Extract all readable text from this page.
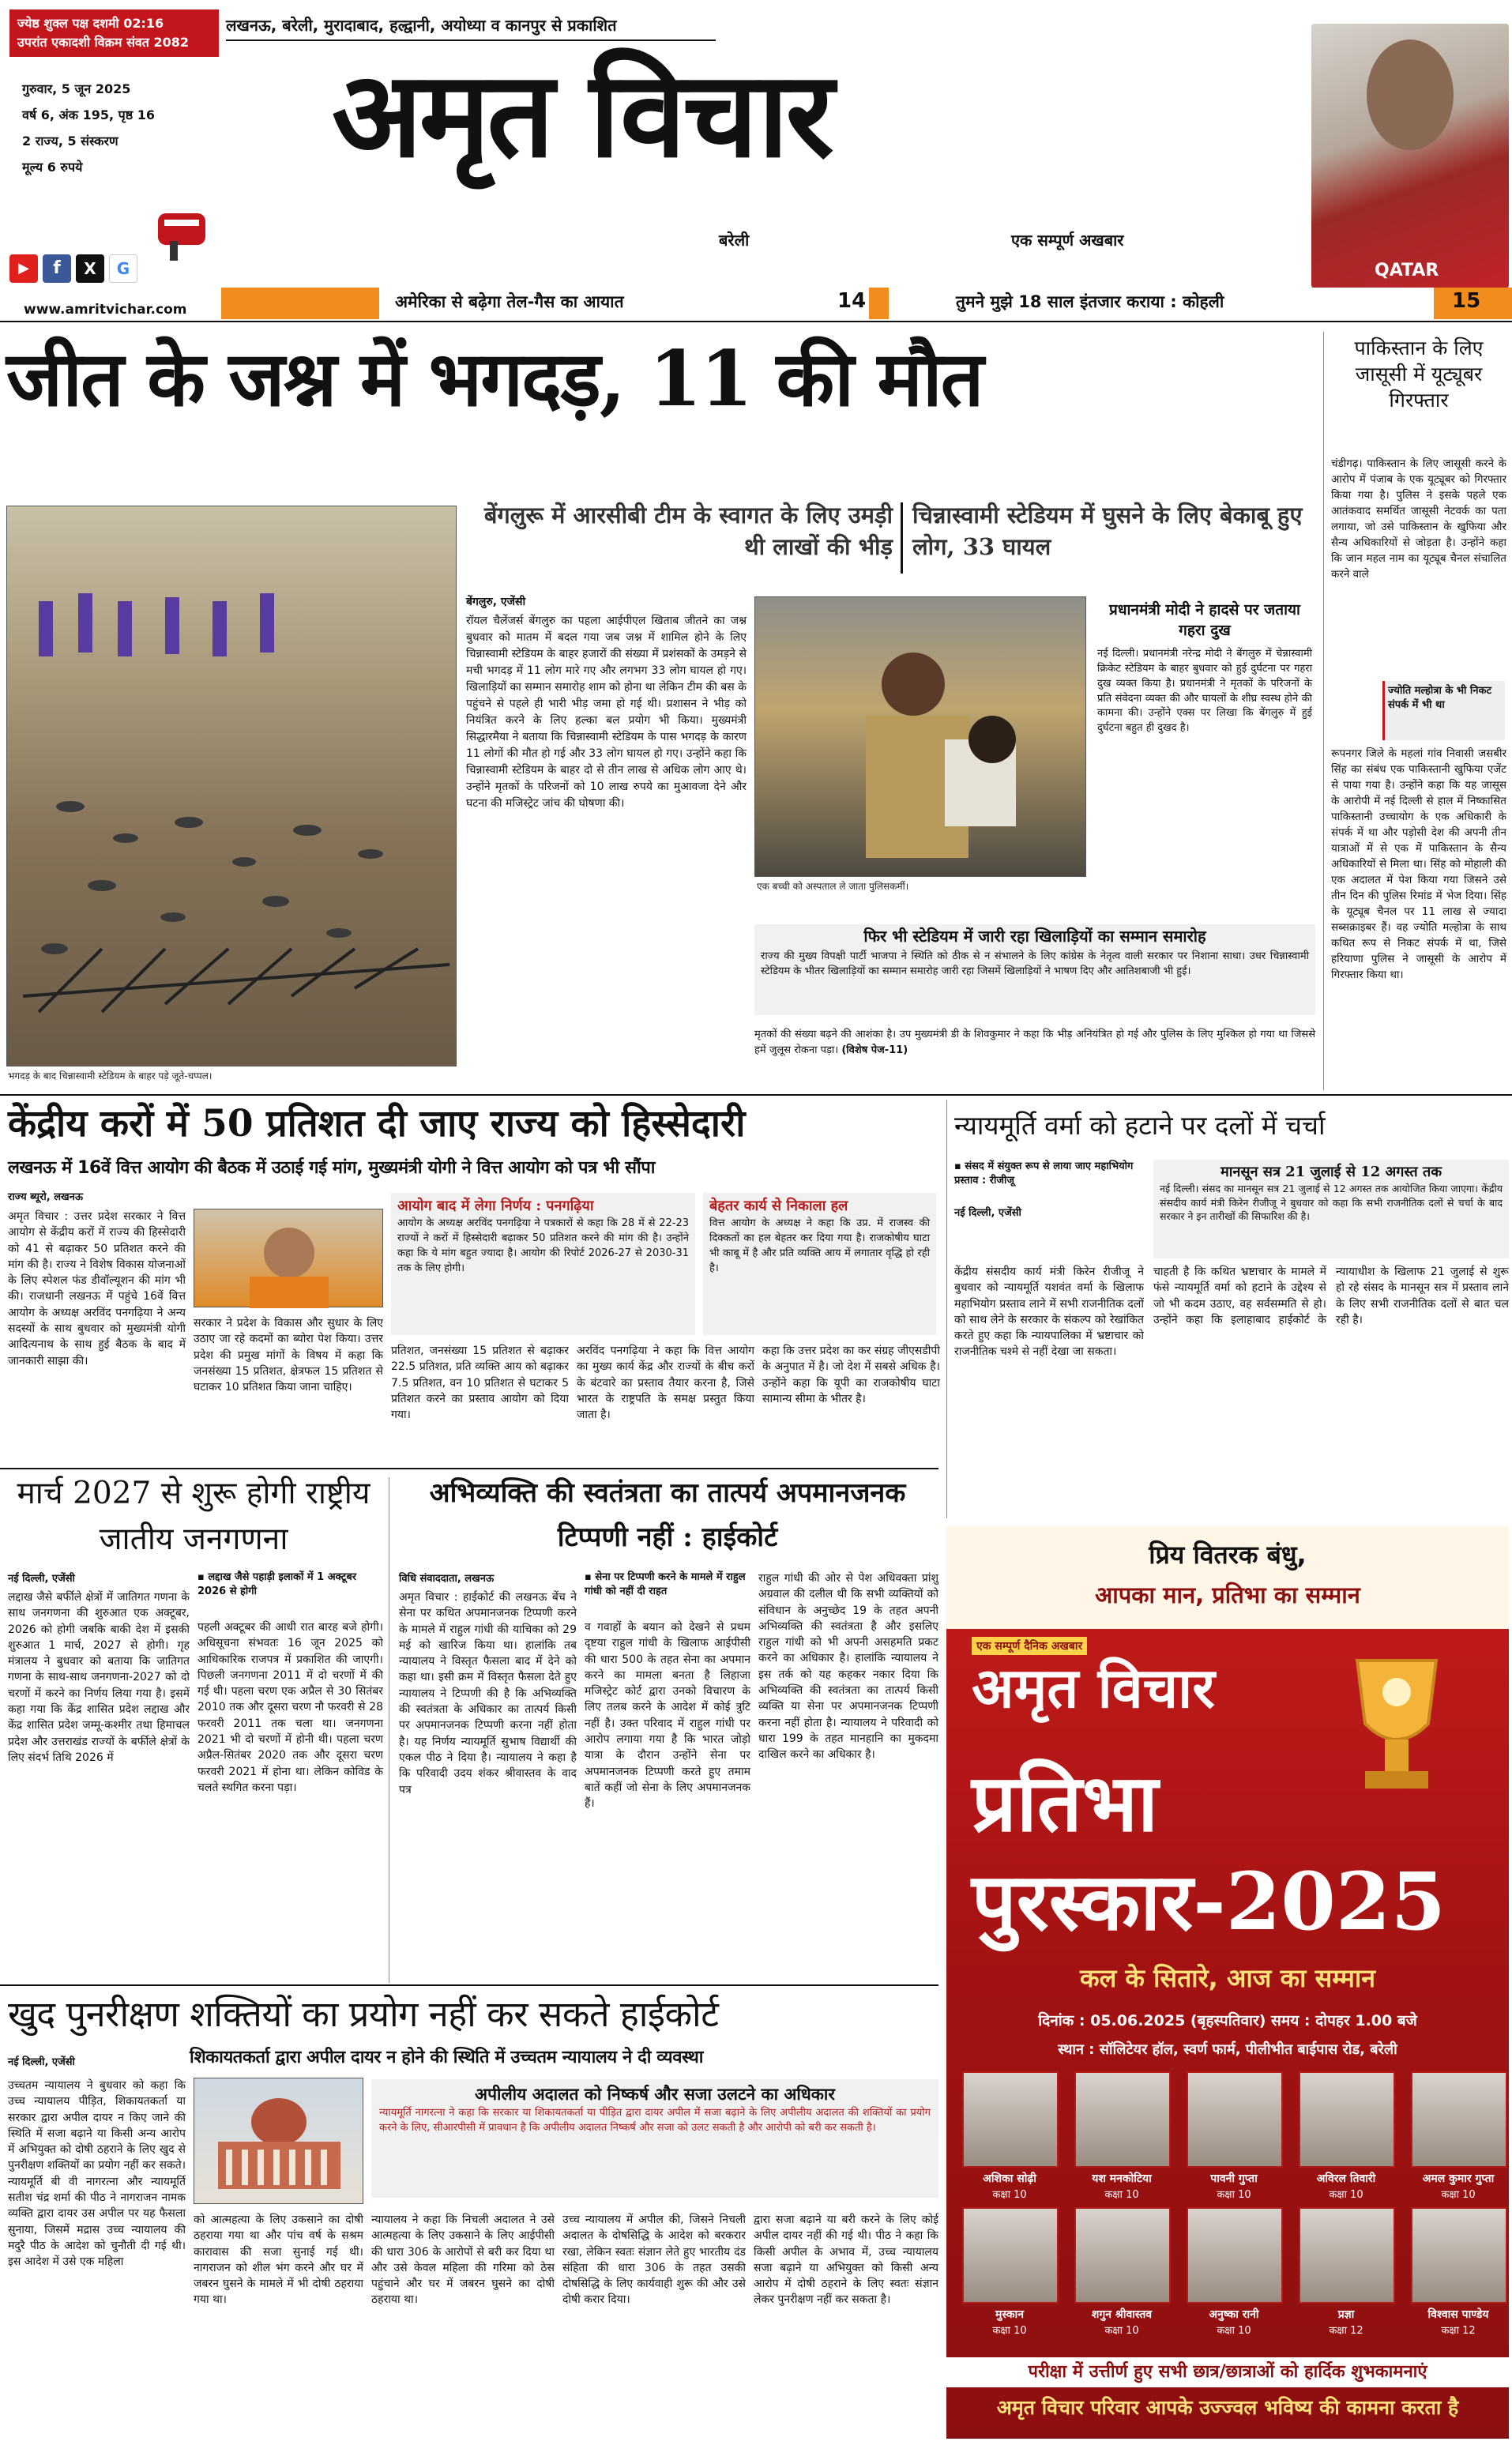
ज्येष्ठ शुक्ल पक्ष दशमी 02:16
उपरांत एकादशी विक्रम संवत 2082
लखनऊ, बरेली, मुरादाबाद, हल्द्वानी, अयोध्या व कानपुर से प्रकाशित
गुरुवार, 5 जून 2025
वर्ष 6, अंक 195, पृष्ठ 16
2 राज्य, 5 संस्करण
मूल्य 6 रुपये	अमृत विचार
बरेली	एक सम्पूर्ण अखबार
▶	f	X	G
www.amritvichar.com
QATAR
अमेरिका से बढ़ेगा तेल-गैस का आयात	14	तुमने मुझे 18 साल इंतजार कराया : कोहली	15
जीत के जश्न में भगदड़, 11 की मौत
बेंगलुरू में आरसीबी टीम के स्वागत के लिए उमड़ी थी लाखों की भीड़
चिन्नास्वामी स्टेडियम में घुसने के लिए बेकाबू हुए लोग, 33 घायल
भगदड़ के बाद चिन्नास्वामी स्टेडियम के बाहर पड़े जूते-चप्पल।
बेंगलुरु, एजेंसी
रॉयल चैलेंजर्स बेंगलुरु का पहला आईपीएल खिताब जीतने का जश्न बुधवार को मातम में बदल गया जब जश्न में शामिल होने के लिए चिन्नास्वामी स्टेडियम के बाहर हजारों की संख्या में प्रशंसकों के उमड़ने से मची भगदड़ में 11 लोग मारे गए और लगभग 33 लोग घायल हो गए। खिलाड़ियों का सम्मान समारोह शाम को होना था लेकिन टीम की बस के पहुंचने से पहले ही भारी भीड़ जमा हो गई थी। प्रशासन ने भीड़ को नियंत्रित करने के लिए हल्का बल प्रयोग भी किया। मुख्यमंत्री सिद्धारमैया ने बताया कि चिन्नास्वामी स्टेडियम के पास भगदड़ के कारण 11 लोगों की मौत हो गई और 33 लोग घायल हो गए। उन्होंने कहा कि चिन्नास्वामी स्टेडियम के बाहर दो से तीन लाख से अधिक लोग आए थे। उन्होंने मृतकों के परिजनों को 10 लाख रुपये का मुआवजा देने और घटना की मजिस्ट्रेट जांच की घोषणा की।
एक बच्ची को अस्पताल ले जाता पुलिसकर्मी।
प्रधानमंत्री मोदी ने हादसे पर जताया गहरा दुख
नई दिल्ली। प्रधानमंत्री नरेन्द्र मोदी ने बेंगलुरु में चेन्नास्वामी क्रिकेट स्टेडियम के बाहर बुधवार को हुई दुर्घटना पर गहरा दुख व्यक्त किया है। प्रधानमंत्री ने मृतकों के परिजनों के प्रति संवेदना व्यक्त की और घायलों के शीघ्र स्वस्थ होने की कामना की। उन्होंने एक्स पर लिखा कि बेंगलुरु में हुई दुर्घटना बहुत ही दुखद है।
फिर भी स्टेडियम में जारी रहा खिलाड़ियों का सम्मान समारोह
राज्य की मुख्य विपक्षी पार्टी भाजपा ने स्थिति को ठीक से न संभालने के लिए कांग्रेस के नेतृत्व वाली सरकार पर निशाना साधा। उधर चिन्नास्वामी स्टेडियम के भीतर खिलाड़ियों का सम्मान समारोह जारी रहा जिसमें खिलाड़ियों ने भाषण दिए और आतिशबाजी भी हुई।
मृतकों की संख्या बढ़ने की आशंका है। उप मुख्यमंत्री डी के शिवकुमार ने कहा कि भीड़ अनियंत्रित हो गई और पुलिस के लिए मुश्किल हो गया था जिससे हमें जुलूस रोकना पड़ा। (विशेष पेज-11)
पाकिस्तान के लिए जासूसी में यूट्यूबर गिरफ्तार
चंडीगढ़। पाकिस्तान के लिए जासूसी करने के आरोप में पंजाब के एक यूट्यूबर को गिरफ्तार किया गया है। पुलिस ने इसके पहले एक आतंकवाद समर्थित जासूसी नेटवर्क का पता लगाया, जो उसे पाकिस्तान के खुफिया और सैन्य अधिकारियों से जोड़ता है। उन्होंने कहा कि जान महल नाम का यूट्यूब चैनल संचालित करने वाले
ज्योति मल्होत्रा के भी निकट संपर्क में भी था
रूपनगर जिले के महलां गांव निवासी जसबीर सिंह का संबंध एक पाकिस्तानी खुफिया एजेंट से पाया गया है। उन्होंने कहा कि यह जासूस के आरोपी में नई दिल्ली से हाल में निष्कासित पाकिस्तानी उच्चायोग के एक अधिकारी के संपर्क में था और पड़ोसी देश की अपनी तीन यात्राओं में से एक में पाकिस्तान के सैन्य अधिकारियों से मिला था। सिंह को मोहाली की एक अदालत में पेश किया गया जिसने उसे तीन दिन की पुलिस रिमांड में भेज दिया। सिंह के यूट्यूब चैनल पर 11 लाख से ज्यादा सब्सक्राइबर हैं। वह ज्योति मल्होत्रा के साथ कथित रूप से निकट संपर्क में था, जिसे हरियाणा पुलिस ने जासूसी के आरोप में गिरफ्तार किया था।
केंद्रीय करों में 50 प्रतिशत दी जाए राज्य को हिस्सेदारी
लखनऊ में 16वें वित्त आयोग की बैठक में उठाई गई मांग, मुख्यमंत्री योगी ने वित्त आयोग को पत्र भी सौंपा
राज्य ब्यूरो, लखनऊ
अमृत विचार : उत्तर प्रदेश सरकार ने वित्त आयोग से केंद्रीय करों में राज्य की हिस्सेदारी को 41 से बढ़ाकर 50 प्रतिशत करने की मांग की है। राज्य ने विशेष विकास योजनाओं के लिए स्पेशल फंड डीवॉल्यूशन की मांग भी की। राजधानी लखनऊ में पहुंचे 16वें वित्त आयोग के अध्यक्ष अरविंद पनगढ़िया ने अन्य सदस्यों के साथ बुधवार को मुख्यमंत्री योगी आदित्यनाथ के साथ हुई बैठक के बाद में जानकारी साझा की।
सरकार ने प्रदेश के विकास और सुधार के लिए उठाए जा रहे कदमों का ब्योरा पेश किया। उत्तर प्रदेश की प्रमुख मांगों के विषय में कहा कि जनसंख्या 15 प्रतिशत, क्षेत्रफल 15 प्रतिशत से घटाकर 10 प्रतिशत किया जाना चाहिए।
आयोग बाद में लेगा निर्णय : पनगढ़िया
आयोग के अध्यक्ष अरविंद पनगढ़िया ने पत्रकारों से कहा कि 28 में से 22-23 राज्यों ने करों में हिस्सेदारी बढ़ाकर 50 प्रतिशत करने की मांग की है। उन्होंने कहा कि ये मांग बहुत ज्यादा है। आयोग की रिपोर्ट 2026-27 से 2030-31 तक के लिए होगी।
बेहतर कार्य से निकाला हल
वित्त आयोग के अध्यक्ष ने कहा कि उप्र. में राजस्व की दिक्कतों का हल बेहतर कर दिया गया है। राजकोषीय घाटा भी काबू में है और प्रति व्यक्ति आय में लगातार वृद्धि हो रही है।
प्रतिशत, जनसंख्या 15 प्रतिशत से बढ़ाकर 22.5 प्रतिशत, प्रति व्यक्ति आय को बढ़ाकर 7.5 प्रतिशत, वन 10 प्रतिशत से घटाकर 5 प्रतिशत करने का प्रस्ताव आयोग को दिया गया।
अरविंद पनगढ़िया ने कहा कि वित्त आयोग का मुख्य कार्य केंद्र और राज्यों के बीच करों के बंटवारे का प्रस्ताव तैयार करना है, जिसे भारत के राष्ट्रपति के समक्ष प्रस्तुत किया जाता है।
कहा कि उत्तर प्रदेश का कर संग्रह जीएसडीपी के अनुपात में है। जो देश में सबसे अधिक है। उन्होंने कहा कि यूपी का राजकोषीय घाटा सामान्य सीमा के भीतर है।
न्यायमूर्ति वर्मा को हटाने पर दलों में चर्चा
▪ संसद में संयुक्त रूप से लाया जाए महाभियोग प्रस्ताव : रीजीजू
नई दिल्ली, एजेंसी
मानसून सत्र 21 जुलाई से 12 अगस्त तक
नई दिल्ली। संसद का मानसून सत्र 21 जुलाई से 12 अगस्त तक आयोजित किया जाएगा। केंद्रीय संसदीय कार्य मंत्री किरेन रीजीजू ने बुधवार को कहा कि सभी राजनीतिक दलों से चर्चा के बाद सरकार ने इन तारीखों की सिफारिश की है।
केंद्रीय संसदीय कार्य मंत्री किरेन रीजीजू ने बुधवार को न्यायमूर्ति यशवंत वर्मा के खिलाफ महाभियोग प्रस्ताव लाने में सभी राजनीतिक दलों को साथ लेने के सरकार के संकल्प को रेखांकित करते हुए कहा कि न्यायपालिका में भ्रष्टाचार को राजनीतिक चश्मे से नहीं देखा जा सकता।
चाहती है कि कथित भ्रष्टाचार के मामले में फंसे न्यायमूर्ति वर्मा को हटाने के उद्देश्य से जो भी कदम उठाए, वह सर्वसम्मति से हो। उन्होंने कहा कि इलाहाबाद हाईकोर्ट के न्यायाधीश के खिलाफ 21 जुलाई से शुरू हो रहे संसद के मानसून सत्र में प्रस्ताव लाने के लिए सभी राजनीतिक दलों से बात चल रही है।
प्रिय वितरक बंधु,
आपका मान, प्रतिभा का सम्मान
एक सम्पूर्ण दैनिक अखबार
अमृत विचार
प्रतिभा
पुरस्कार-2025
कल के सितारे, आज का सम्मान
दिनांक : 05.06.2025 (बृहस्पतिवार) समय : दोपहर 1.00 बजे
स्थान : सॉलिटेयर हॉल, स्वर्ण फार्म, पीलीभीत बाईपास रोड, बरेली
अशिका सोढ़ी
कक्षा 10
यश मनकोटिया
कक्षा 10
पावनी गुप्ता
कक्षा 10
अविरल तिवारी
कक्षा 10
अमल कुमार गुप्ता
कक्षा 10
मुस्कान
कक्षा 10
शगुन श्रीवास्तव
कक्षा 10
अनुष्का रानी
कक्षा 10
प्रज्ञा
कक्षा 12
विश्वास पाण्डेय
कक्षा 12
परीक्षा में उत्तीर्ण हुए सभी छात्र/छात्राओं को हार्दिक शुभकामनाएं
अमृत विचार परिवार आपके उज्ज्वल भविष्य की कामना करता है
मार्च 2027 से शुरू होगी राष्ट्रीय जातीय जनगणना
नई दिल्ली, एजेंसी
लद्दाख जैसे बर्फीले क्षेत्रों में जातिगत गणना के साथ जनगणना की शुरुआत एक अक्टूबर, 2026 को होगी जबकि बाकी देश में इसकी शुरुआत 1 मार्च, 2027 से होगी। गृह मंत्रालय ने बुधवार को बताया कि जातिगत गणना के साथ-साथ जनगणना-2027 को दो चरणों में करने का निर्णय लिया गया है। इसमें कहा गया कि केंद्र शासित प्रदेश लद्दाख और केंद्र शासित प्रदेश जम्मू-कश्मीर तथा हिमाचल प्रदेश और उत्तराखंड राज्यों के बर्फीले क्षेत्रों के लिए संदर्भ तिथि 2026 में
▪ लद्दाख जैसे पहाड़ी इलाकों में 1 अक्टूबर 2026 से होगी
पहली अक्टूबर की आधी रात बारह बजे होगी। अधिसूचना संभवतः 16 जून 2025 को आधिकारिक राजपत्र में प्रकाशित की जाएगी। पिछली जनगणना 2011 में दो चरणों में की गई थी। पहला चरण एक अप्रैल से 30 सितंबर 2010 तक और दूसरा चरण नौ फरवरी से 28 फरवरी 2011 तक चला था। जनगणना 2021 भी दो चरणों में होनी थी। पहला चरण अप्रैल-सितंबर 2020 तक और दूसरा चरण फरवरी 2021 में होना था। लेकिन कोविड के चलते स्थगित करना पड़ा।
अभिव्यक्ति की स्वतंत्रता का तात्पर्य अपमानजनक टिप्पणी नहीं : हाईकोर्ट
विधि संवाददाता, लखनऊ
अमृत विचार : हाईकोर्ट की लखनऊ बेंच ने सेना पर कथित अपमानजनक टिप्पणी करने के मामले में राहुल गांधी की याचिका को 29 मई को खारिज किया था। हालांकि तब न्यायालय ने विस्तृत फैसला बाद में देने को कहा था। इसी क्रम में विस्तृत फैसला देते हुए न्यायालय ने टिप्पणी की है कि अभिव्यक्ति की स्वतंत्रता के अधिकार का तात्पर्य किसी पर अपमानजनक टिप्पणी करना नहीं होता है। यह निर्णय न्यायमूर्ति सुभाष विद्यार्थी की एकल पीठ ने दिया है। न्यायालय ने कहा है कि परिवादी उदय शंकर श्रीवास्तव के वाद पत्र
▪ सेना पर टिप्पणी करने के मामले में राहुल गांधी को नहीं दी राहत
व गवाहों के बयान को देखने से प्रथम दृष्टया राहुल गांधी के खिलाफ आईपीसी की धारा 500 के तहत सेना का अपमान करने का मामला बनता है लिहाजा मजिस्ट्रेट कोर्ट द्वारा उनको विचारण के लिए तलब करने के आदेश में कोई त्रुटि नहीं है। उक्त परिवाद में राहुल गांधी पर आरोप लगाया गया है कि भारत जोड़ो यात्रा के दौरान उन्होंने सेना पर अपमानजनक टिप्पणी करते हुए तमाम बातें कहीं जो सेना के लिए अपमानजनक हैं।
राहुल गांधी की ओर से पेश अधिवक्ता प्रांशु अग्रवाल की दलील थी कि सभी व्यक्तियों को संविधान के अनुच्छेद 19 के तहत अपनी अभिव्यक्ति की स्वतंत्रता है और इसलिए राहुल गांधी को भी अपनी असहमति प्रकट करने का अधिकार है। हालांकि न्यायालय ने इस तर्क को यह कहकर नकार दिया कि अभिव्यक्ति की स्वतंत्रता का तात्पर्य किसी व्यक्ति या सेना पर अपमानजनक टिप्पणी करना नहीं होता है। न्यायालय ने परिवादी को धारा 199 के तहत मानहानि का मुकदमा दाखिल करने का अधिकार है।
खुद पुनरीक्षण शक्तियों का प्रयोग नहीं कर सकते हाईकोर्ट
नई दिल्ली, एजेंसी	शिकायतकर्ता द्वारा अपील दायर न होने की स्थिति में उच्चतम न्यायालय ने दी व्यवस्था
उच्चतम न्यायालय ने बुधवार को कहा कि उच्च न्यायालय पीड़ित, शिकायतकर्ता या सरकार द्वारा अपील दायर न किए जाने की स्थिति में सजा बढ़ाने या किसी अन्य आरोप में अभियुक्त को दोषी ठहराने के लिए खुद से पुनरीक्षण शक्तियों का प्रयोग नहीं कर सकते। न्यायमूर्ति बी वी नागरत्ना और न्यायमूर्ति सतीश चंद्र शर्मा की पीठ ने नागराजन नामक व्यक्ति द्वारा दायर उस अपील पर यह फैसला सुनाया, जिसमें मद्रास उच्च न्यायालय की मदुरै पीठ के आदेश को चुनौती दी गई थी। इस आदेश में उसे एक महिला
अपीलीय अदालत को निष्कर्ष और सजा उलटने का अधिकार
न्यायमूर्ति नागरत्ना ने कहा कि सरकार या शिकायतकर्ता या पीड़ित द्वारा दायर अपील में सजा बढ़ाने के लिए अपीलीय अदालत की शक्तियों का प्रयोग करने के लिए, सीआरपीसी में प्रावधान है कि अपीलीय अदालत निष्कर्ष और सजा को उलट सकती है और आरोपी को बरी कर सकती है।
को आत्महत्या के लिए उकसाने का दोषी ठहराया गया था और पांच वर्ष के सश्रम कारावास की सजा सुनाई गई थी। नागराजन को शील भंग करने और घर में जबरन घुसने के मामले में भी दोषी ठहराया गया था।
न्यायालय ने कहा कि निचली अदालत ने उसे आत्महत्या के लिए उकसाने के लिए आईपीसी की धारा 306 के आरोपों से बरी कर दिया था और उसे केवल महिला की गरिमा को ठेस पहुंचाने और घर में जबरन घुसने का दोषी ठहराया था।
उच्च न्यायालय में अपील की, जिसने निचली अदालत के दोषसिद्धि के आदेश को बरकरार रखा, लेकिन स्वतः संज्ञान लेते हुए भारतीय दंड संहिता की धारा 306 के तहत उसकी दोषसिद्धि के लिए कार्यवाही शुरू की और उसे दोषी करार दिया।
द्वारा सजा बढ़ाने या बरी करने के लिए कोई अपील दायर नहीं की गई थी। पीठ ने कहा कि किसी अपील के अभाव में, उच्च न्यायालय सजा बढ़ाने या अभियुक्त को किसी अन्य आरोप में दोषी ठहराने के लिए स्वतः संज्ञान लेकर पुनरीक्षण नहीं कर सकता है।
